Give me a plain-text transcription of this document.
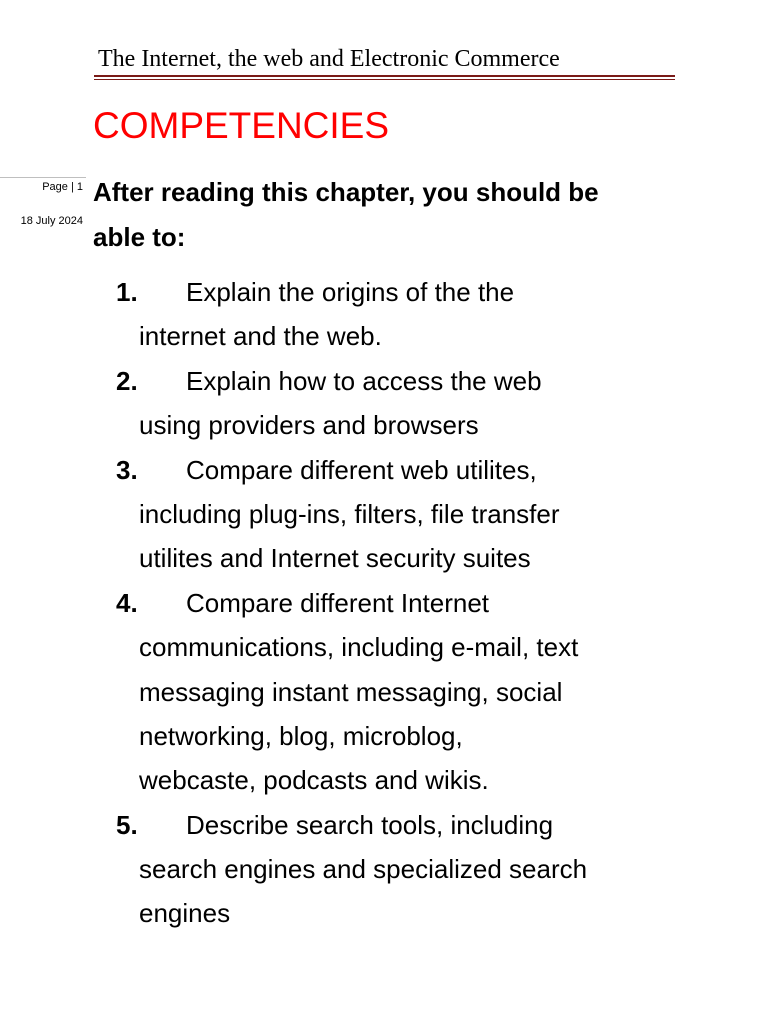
The Internet, the web and Electronic Commerce
COMPETENCIES
Page | 1
18 July 2024
After reading this chapter, you should be
able to:
1. Explain the origins of the the
internet and the web.
2. Explain how to access the web
using providers and browsers
3. Compare different web utilites,
including plug-ins, filters, file transfer
utilites and Internet security suites
4. Compare different Internet
communications, including e-mail, text
messaging instant messaging, social
networking, blog, microblog,
webcaste, podcasts and wikis.
5. Describe search tools, including
search engines and specialized search
engines
